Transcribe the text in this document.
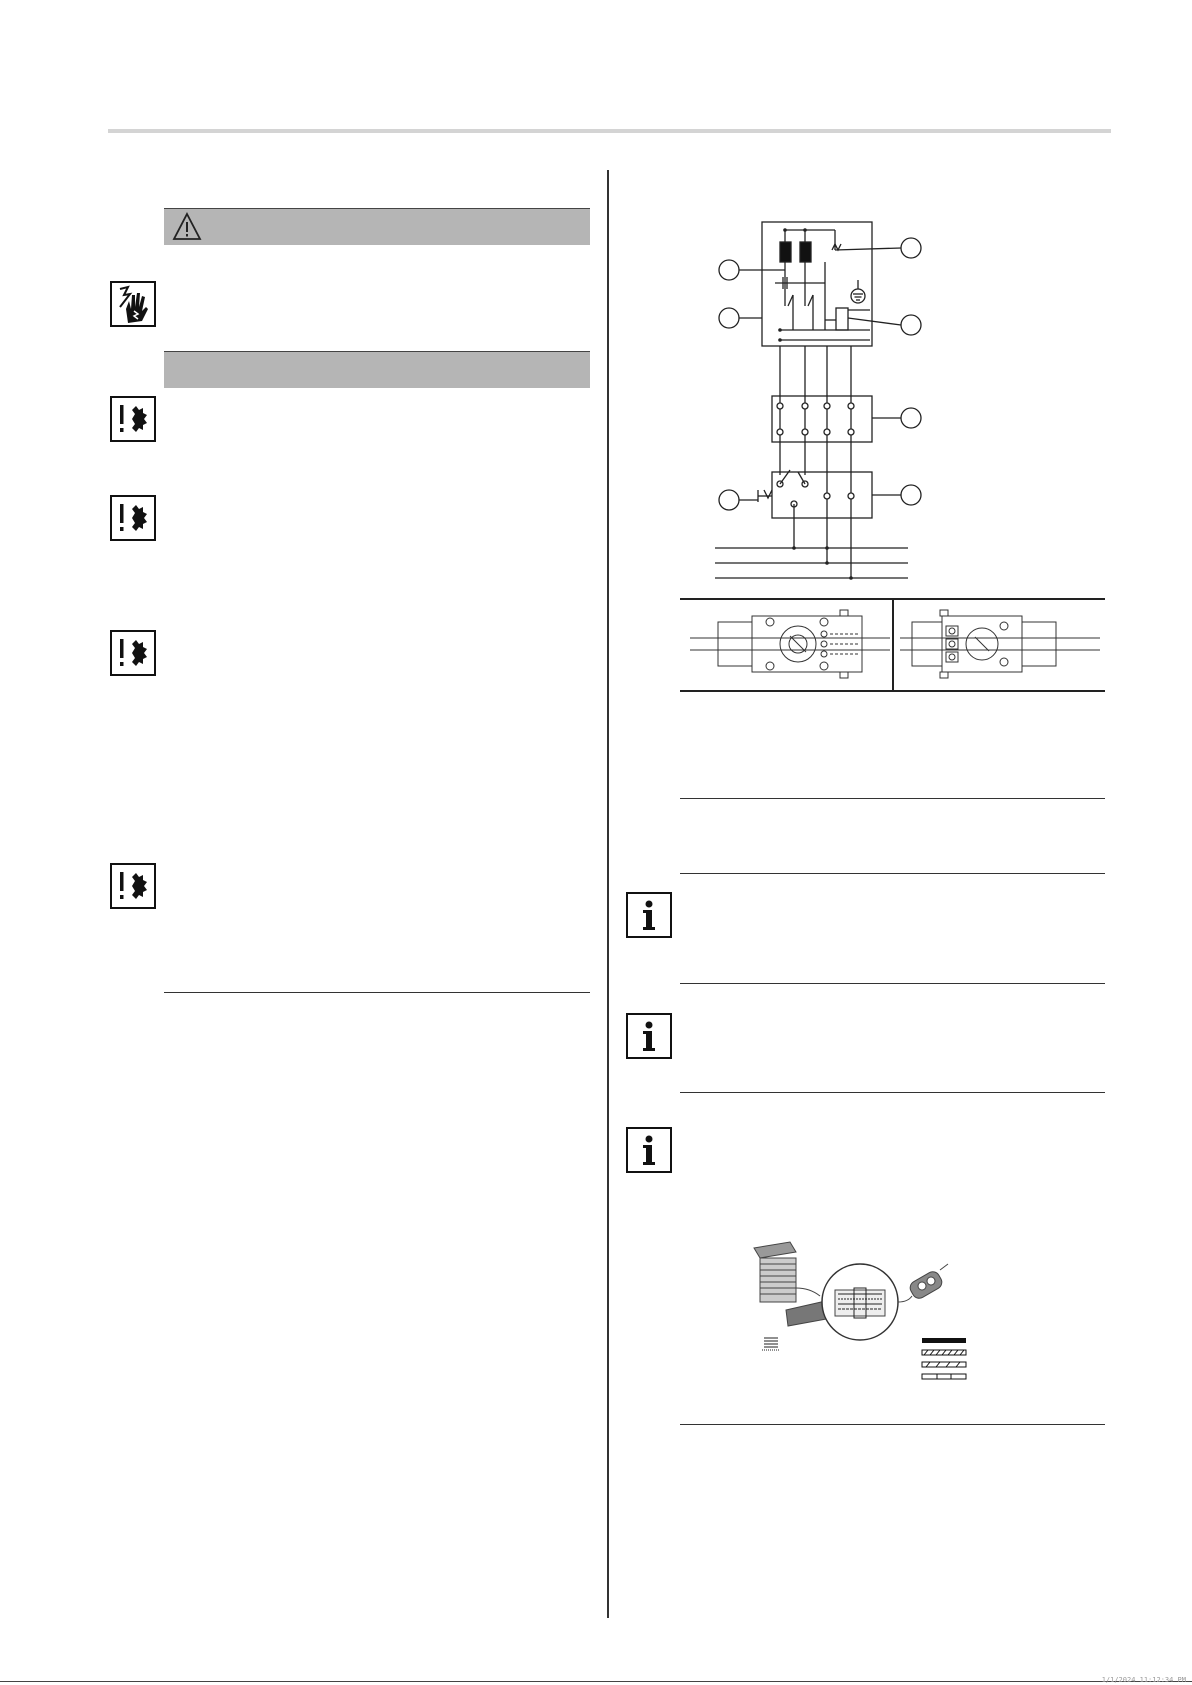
1/1/2024 11:12:34 PM
